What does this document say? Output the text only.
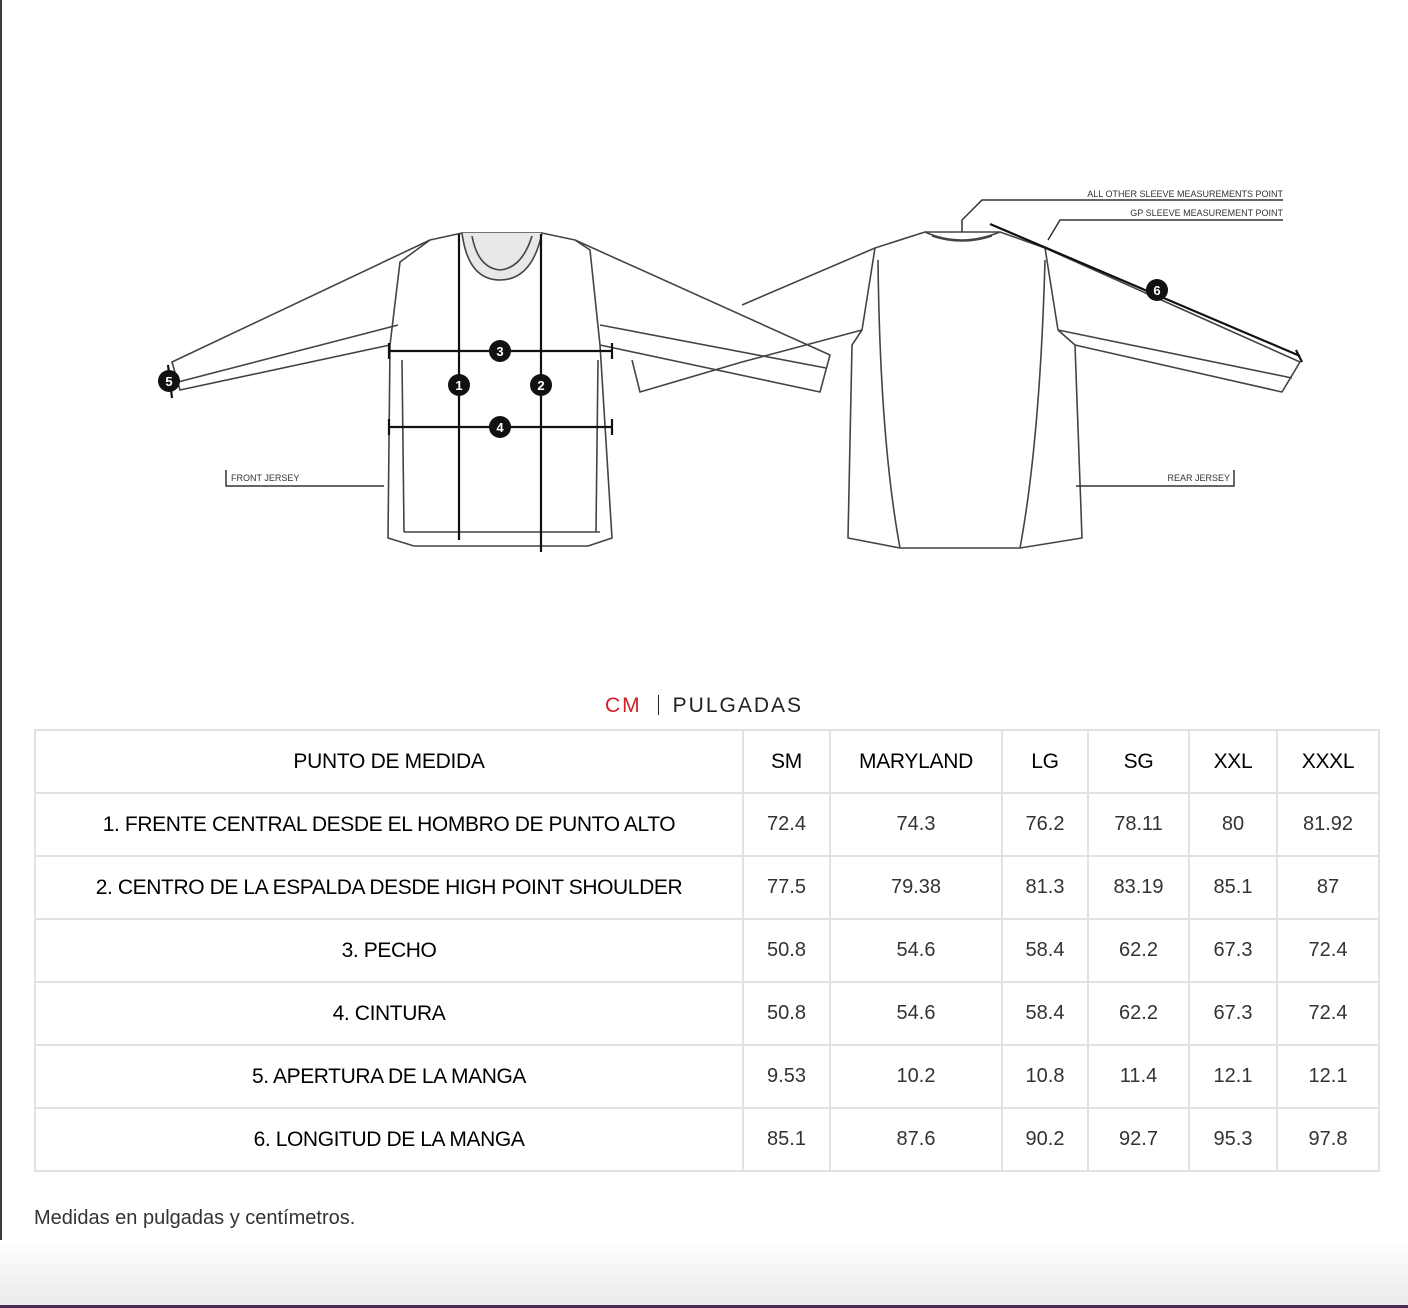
1	2
3
4
5
6
ALL OTHER SLEEVE MEASUREMENTS POINT
GP SLEEVE MEASUREMENT POINT
FRONT JERSEY	REAR JERSEY
CM PULGADAS
PUNTO DE MEDIDA	SM	MARYLAND	LG	SG	XXL	XXXL
1. FRENTE CENTRAL DESDE EL HOMBRO DE PUNTO ALTO	72.4	74.3	76.2	78.11	80	81.92
2. CENTRO DE LA ESPALDA DESDE HIGH POINT SHOULDER	77.5	79.38	81.3	83.19	85.1	87
3. PECHO	50.8	54.6	58.4	62.2	67.3	72.4
4. CINTURA	50.8	54.6	58.4	62.2	67.3	72.4
5. APERTURA DE LA MANGA	9.53	10.2	10.8	11.4	12.1	12.1
6. LONGITUD DE LA MANGA	85.1	87.6	90.2	92.7	95.3	97.8
Medidas en pulgadas y centímetros.
